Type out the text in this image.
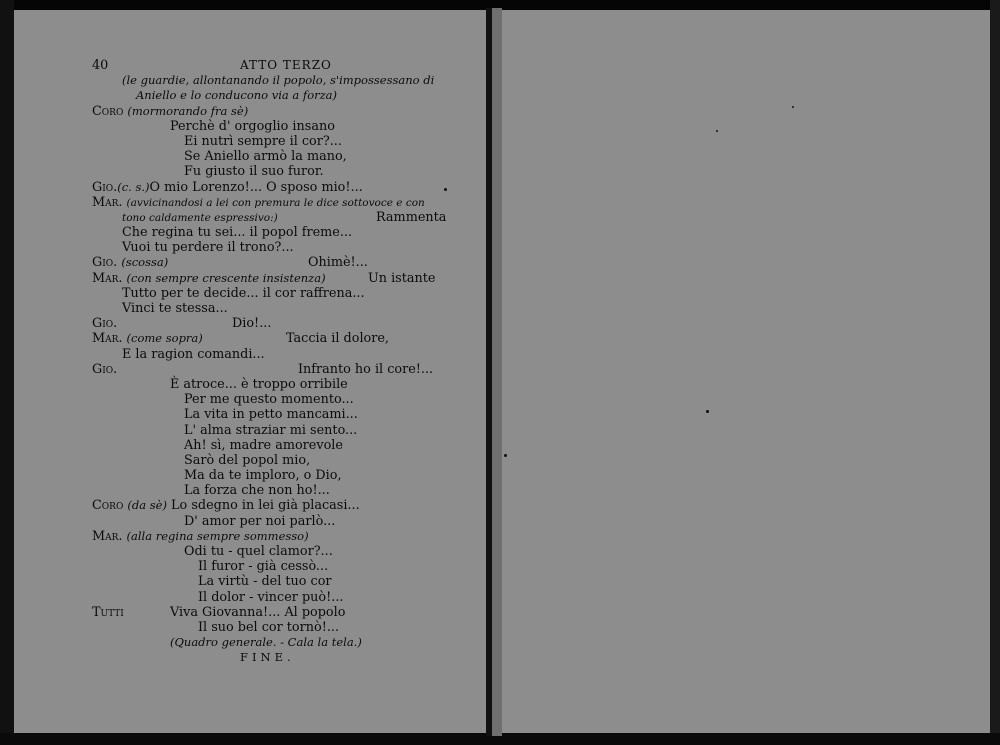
40	ATTO TERZO
(le guardie, allontanando il popolo, s'impossessano di
Aniello e lo conducono via a forza)
Coro (mormorando fra sè)
Perchè d' orgoglio insano
Ei nutrì sempre il cor?...
Se Aniello armò la mano,
Fu giusto il suo furor.
Gio.(c. s.)O mio Lorenzo!... O sposo mio!...
Mar. (avvicinandosi a lei con premura le dice sottovoce e con
tono caldamente espressivo:)	Rammenta
Che regina tu sei... il popol freme...
Vuoi tu perdere il trono?...
Gio. (scossa)	Ohimè!...
Mar. (con sempre crescente insistenza)	Un istante
Tutto per te decide... il cor raffrena...
Vinci te stessa...
Gio.	Dio!...
Mar. (come sopra)	Taccia il dolore,
E la ragion comandi...
Gio.	Infranto ho il core!...
È atroce... è troppo orribile
Per me questo momento...
La vita in petto mancami...
L' alma straziar mi sento...
Ah! sì, madre amorevole
Sarò del popol mio,
Ma da te imploro, o Dio,
La forza che non ho!...
Coro (da sè) Lo sdegno in lei già placasi...
D' amor per noi parlò...
Mar. (alla regina sempre sommesso)
Odi tu - quel clamor?...
Il furor - già cessò...
La virtù - del tuo cor
Il dolor - vincer può!...
Tutti	Viva Giovanna!... Al popolo
Il suo bel cor tornò!...
(Quadro generale. - Cala la tela.)
FINE.
